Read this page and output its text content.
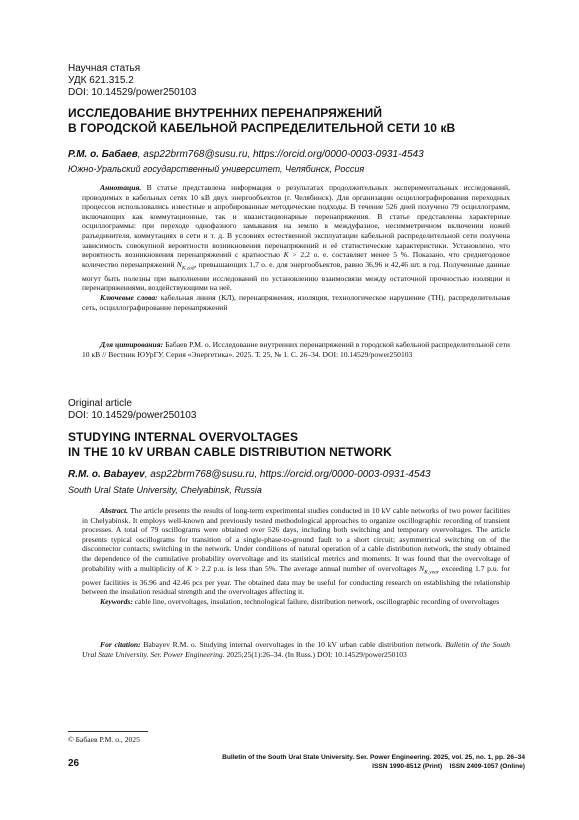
Научная статья
УДК 621.315.2
DOI: 10.14529/power250103
ИССЛЕДОВАНИЕ ВНУТРЕННИХ ПЕРЕНАПРЯЖЕНИЙ
В ГОРОДСКОЙ КАБЕЛЬНОЙ РАСПРЕДЕЛИТЕЛЬНОЙ СЕТИ 10 кВ
Р.М. о. Бабаев, asp22brm768@susu.ru, https://orcid.org/0000-0003-0931-4543
Южно-Уральский государственный университет, Челябинск, Россия

Аннотация. В статье представлена информация о результатах продолжительных экспериментальных исследований, проводимых в кабельных сетях 10 кВ двух энергообъектов (г. Челябинск). Для организации осциллографирования переходных процессов использовались известные и апробированные методические подходы. В течение 526 дней получено 79 осциллограмм, включающих как коммутационные, так и квазистационарные перенапряжения. В статье представлены характерные осциллограммы: при переходе однофазного замыкания на землю в междуфазное, несимметричном включении ножей разъединителя, коммутациях в сети и т. д. В условиях естественной эксплуатации кабельной распределительной сети получена зависимость совокупной вероятности возникновения перенапряжений и её статистические характеристики. Установлено, что вероятность возникновения перенапряжений с кратностью K > 2,2 о. е. составляет менее 5 %. Показано, что среднегодовое количество перенапряжений $N_{K.год}$, превышающих 1,7 о. е. для энергообъектов, равно 36,96 и 42,46 шт. в год. Полученные данные могут быть полезны при выполнении исследований по установлению взаимосвязи между остаточной прочностью изоляции и перенапряжениями, воздействующими на неё.

Ключевые слова: кабельная линия (КЛ), перенапряжения, изоляция, технологическое нарушение (ТН), распределительная сеть, осциллографирование перенапряжений

Для цитирования: Бабаев Р.М. о. Исследование внутренних перенапряжений в городской кабельной распределительной сети 10 кВ // Вестник ЮУрГУ. Серия «Энергетика». 2025. Т. 25, № 1. С. 26–34. DOI: 10.14529/power250103

Original article
DOI: 10.14529/power250103
STUDYING INTERNAL OVERVOLTAGES
IN THE 10 kV URBAN CABLE DISTRIBUTION NETWORK
R.M. o. Babayev, asp22brm768@susu.ru, https://orcid.org/0000-0003-0931-4543
South Ural State University, Chelyabinsk, Russia

Abstract. The article presents the results of long-term experimental studies conducted in 10 kV cable networks of two power facilities in Chelyabinsk. It employs well-known and previously tested methodological approaches to organize oscillographic recording of transient processes. A total of 79 oscillograms were obtained over 526 days, including both switching and temporary overvoltages. The article presents typical oscillograms for transition of a single-phase-to-ground fault to a short circuit; asymmetrical switching on of the disconnector contacts; switching in the network. Under conditions of natural operation of a cable distribution network, the study obtained the dependence of the cumulative probability overvoltage and its statistical metrics and moments. It was found that the overvoltage of probability with a multiplicity of K > 2.2 p.u. is less than 5%. The average annual number of overvoltages $N_{K.year}$ exceeding 1.7 p.u. for power facilities is 36.96 and 42.46 pcs per year. The obtained data may be useful for conducting research on establishing the relationship between the insulation residual strength and the overvoltages affecting it.

Keywords: cable line, overvoltages, insulation, technological failure, distribution network, oscillographic recording of overvoltages

For citation: Babayev R.M. o. Studying internal overvoltages in the 10 kV urban cable distribution network. Bulletin of the South Ural State University. Ser. Power Engineering. 2025;25(1):26–34. (In Russ.) DOI: 10.14529/power250103

© Бабаев Р.М. о., 2025
26
Bulletin of the South Ural State University. Ser. Power Engineering. 2025, vol. 25, no. 1, pp. 26–34
ISSN 1990-8512 (Print)    ISSN 2409-1057 (Online)
